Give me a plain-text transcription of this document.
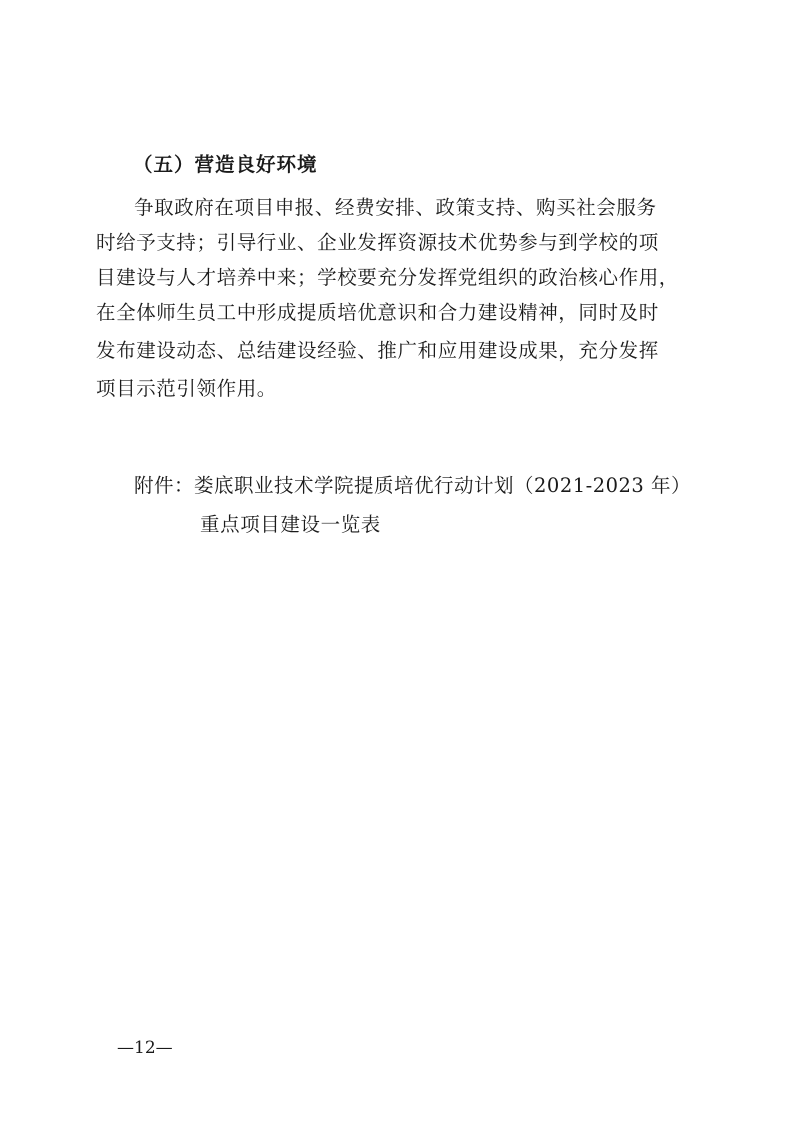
（五）营造良好环境
争取政府在项目申报、经费安排、政策支持、购买社会服务
时给予支持；引导行业、企业发挥资源技术优势参与到学校的项
目建设与人才培养中来；学校要充分发挥党组织的政治核心作用，
在全体师生员工中形成提质培优意识和合力建设精神，同时及时
发布建设动态、总结建设经验、推广和应用建设成果，充分发挥
项目示范引领作用。
附件：娄底职业技术学院提质培优行动计划（2021-2023 年）
重点项目建设一览表
—12—
